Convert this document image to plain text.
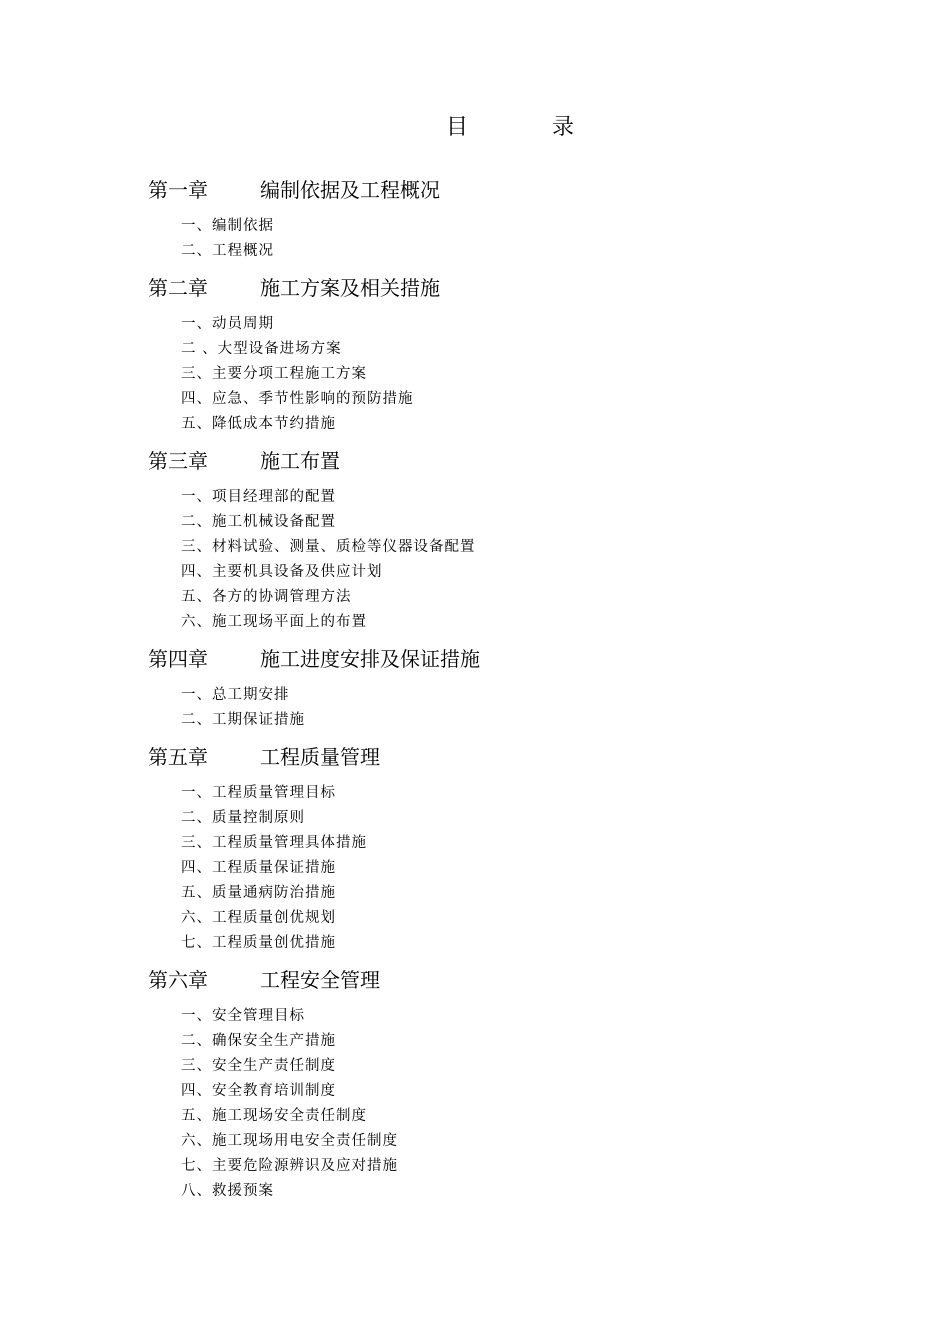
目	录
第一章	编制依据及工程概况
一、编制依据
二、工程概况
第二章	施工方案及相关措施
一、动员周期
二 、大型设备进场方案
三、主要分项工程施工方案
四、应急、季节性影响的预防措施
五、降低成本节约措施
第三章	施工布置
一、项目经理部的配置
二、施工机械设备配置
三、材料试验、测量、质检等仪器设备配置
四、主要机具设备及供应计划
五、各方的协调管理方法
六、施工现场平面上的布置
第四章	施工进度安排及保证措施
一、总工期安排
二、工期保证措施
第五章	工程质量管理
一、工程质量管理目标
二、质量控制原则
三、工程质量管理具体措施
四、工程质量保证措施
五、质量通病防治措施
六、工程质量创优规划
七、工程质量创优措施
第六章	工程安全管理
一、安全管理目标
二、确保安全生产措施
三、安全生产责任制度
四、安全教育培训制度
五、施工现场安全责任制度
六、施工现场用电安全责任制度
七、主要危险源辨识及应对措施
八、救援预案
